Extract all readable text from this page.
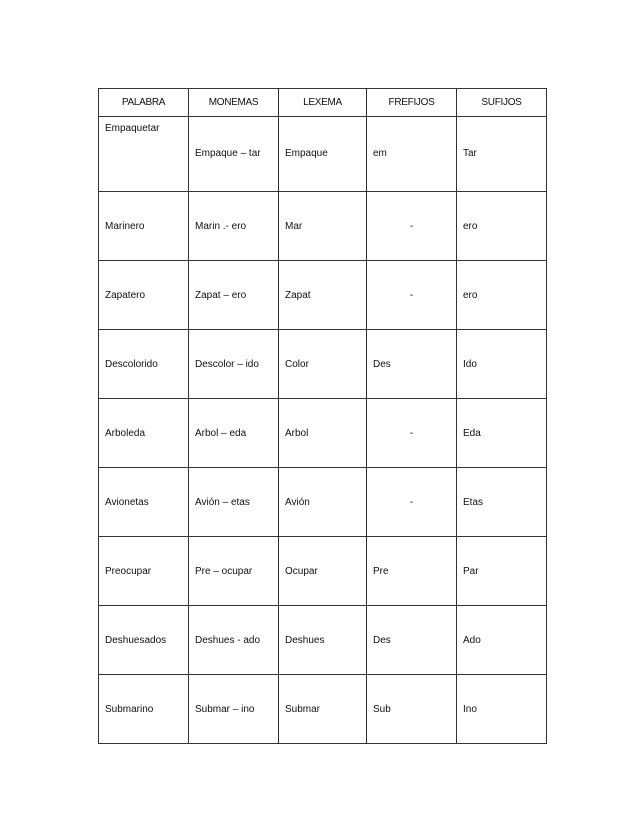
PALABRA	MONEMAS	LEXEMA	FREFIJOS	SUFIJOS
Empaquetar	Empaque – tar	Empaque	em	Tar

Marinero	Marin .- ero	Mar	-	ero
Zapatero	Zapat – ero	Zapat	-	ero
Descolorido	Descolor – ido	Color	Des	Ido
Arboleda	Arbol – eda	Arbol	-	Eda
Avionetas	Avión – etas	Avión	-	Etas
Preocupar	Pre – ocupar	Ocupar	Pre	Par
Deshuesados	Deshues - ado	Deshues	Des	Ado
Submarino	Submar – ino	Submar	Sub	Ino
